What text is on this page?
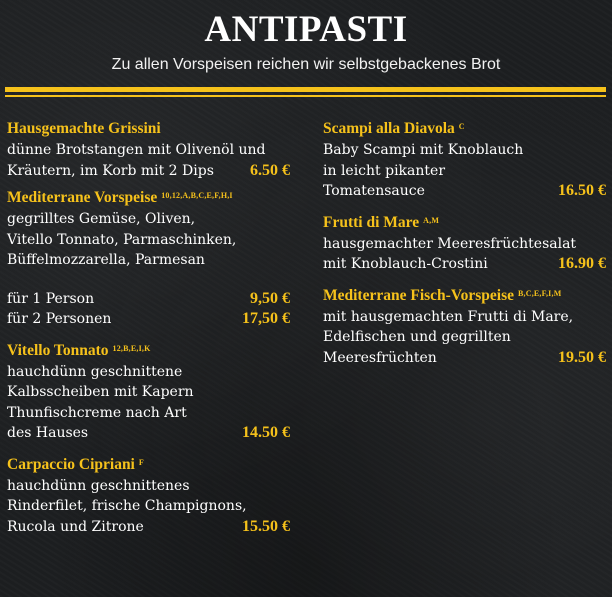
ANTIPASTI
Zu allen Vorspeisen reichen wir selbstgebackenes Brot
Hausgemachte Grissini
dünne Brotstangen mit Olivenöl und
Kräutern, im Korb mit 2 Dips 6.50 €
Mediterrane Vorspeise $^{10,12,A,B,C,E,F,H,I}$
gegrilltes Gemüse, Oliven,
Vitello Tonnato, Parmaschinken,
Büffelmozzarella, Parmesan
für 1 Person	9,50 €
für 2 Personen	17,50 €
Vitello Tonnato $^{12,B,E,I,K}$
hauchdünn geschnittene
Kalbsscheiben mit Kapern
Thunfischcreme nach Art
des Hauses	14.50 €
Carpaccio Cipriani $^F$
hauchdünn geschnittenes
Rinderfilet, frische Champignons,
Rucola und Zitrone	15.50 €
Scampi alla Diavola $^C$
Baby Scampi mit Knoblauch
in leicht pikanter
Tomatensauce	16.50 €
Frutti di Mare $^{A,M}$
hausgemachter Meeresfrüchtesalat
mit Knoblauch-Crostini	16.90 €
Mediterrane Fisch-Vorspeise $^{B,C,E,F,I,M}$
mit hausgemachten Frutti di Mare,
Edelfischen und gegrillten
Meeresfrüchten	19.50 €
